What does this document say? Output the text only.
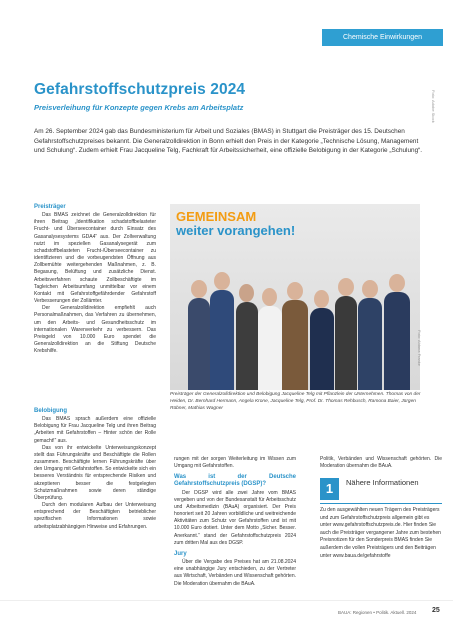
Chemische Einwirkungen
Foto: Adobe Stock
Gefahrstoffschutzpreis 2024
Preisverleihung für Konzepte gegen Krebs am Arbeitsplatz

Am 26. September 2024 gab das Bundesministerium für Arbeit und Soziales (BMAS) in Stuttgart die Preisträger des 15. Deutschen Gefahrstoffschutzpreises bekannt. Die Generalzolldirektion in Bonn erhielt den Preis in der Kategorie „Technische Lösung, Management und Schulung“. Zudem erhielt Frau Jacqueline Telg, Fachkraft für Arbeitssicherheit, eine offizielle Belobigung in der Kategorie „Schulung“.

Preisträger

Das BMAS zeichnet die Generalzolldirektion für ihren Beitrag „Identifikation schadstoffbelasteter Frucht- und Überseecontainer durch Einsatz des Gasanalysesystems GDA4“ aus. Der Zollverwaltung nutzt im speziellen Gasanalysegerät zum schadstoffbelasteten Frucht-/Überseecontainer zu identifizieren und die vorbeugendsten Öffnung aus Zollbemühte weitergehenden Maßnahmen, z. B. Begasung, Belüftung und zusätzliche Dienst. Arbeitsverfahren schaute Zollbeschäftigte im Tagleichen Arbeitsumfang unmittelbar vor einem Kontakt mit Gefahrstoffgefährdender Gefahrstoff Verbesserungen der Zollämter.

Der Generalzolldirektion empfiehlt auch Personalmaßnahmen, das Verfahren zu übernehmen, um den Arbeits- und Gesundheitsschutz im internationalen Warenverkehr zu verbessern. Das Preisgeld von 10.000 Euro spendet die Generalzolldirektion an die Stiftung Deutsche Krebshilfe.

Belobigung

Das BMAS sprach außerdem eine offizielle Belobigung für Frau Jacqueline Telg und ihren Beitrag „Arbeiten mit Gefahrstoffen – Hinter schön der Rolle gemacht!“ aus.

Das von ihr entwickelte Unterweisungskonzept stellt das Führungskräfte und Beschäftigte die Rollen zusammen. Beschäftigte lernen Führungskräfte über den Umgang mit Gefahrstoffen. So entwickelte sich ein besseres Verständnis für entsprechende Risiken und akzeptieren besser die festgelegten Schutzmaßnahmen sowie deren ständige Überprüfung.

Durch den modularen Aufbau der Unterweisung entsprechend der Beschäftigten betrieblicher spezifischen Informationen sowie arbeitsplatzabhängigen Hinweise und Erfahrungen.

GEMEINSAM
weiter vorangehen!
Foto: Aldana Franke

Preisträger der Generalzolldirektion und Belobigung Jacqueline Telg mit Pflanzlein der Unternehmen. Thomas von der Heiden, Dr. Bernhard Hermann, Angela Krone, Jacqueline Telg, Prof. Dr. Thomas Rehbusch, Ramona Baier, Jürgen Rübner, Mathias Wagner

rungen mit der sorgen Weiterleitung im Wissen zum Umgang mit Gefahrstoffen.

Was ist der Deutsche Gefahrstoffschutzpreis (DGSP)?

Der DGSP wird alle zwei Jahre vom BMAS vergeben und von der Bundesanstalt für Arbeitsschutz und Arbeitsmedizin (BAuA) organisiert. Der Preis honoriert seit 20 Jahren vorbildliche und weitreichende Aktivitäten zum Schutz vor Gefahrstoffen und ist mit 10.000 Euro dotiert. Unter dem Motto „Sicher. Besser. Anerkannt.“ stand der Gefahrstoffschutzpreis 2024 zum dritten Mal aus des DGSP.

Jury

Über die Vergabe des Preises hat am 21.08.2024 eine unabhängige Jury entschieden, zu der Vertreter aus Wirtschaft, Verbänden und Wissenschaft gehörten. Die Moderation übernahm die BAuA.

Politik, Verbänden und Wissenschaft gehörten. Die Moderation übernahm die BAuA.

1	Nähere Informationen

Zu den ausgewählten neuen Trägern des Preisträgers und zum Gefahrstoffschutzpreis allgemein gibt es unter www.gefahrstoffschutzpreis.de. Hier finden Sie auch die Preisträger vergangener Jahre zum bestehen Preisnotizen für den Sonderpreis BMAS finden Sie außerdem die vollen Preisträgers und den Beiträgen unter www.baua.de/gefahrstoffe

BAUA: Regionen • Politik. Aktuell. 2024 25
